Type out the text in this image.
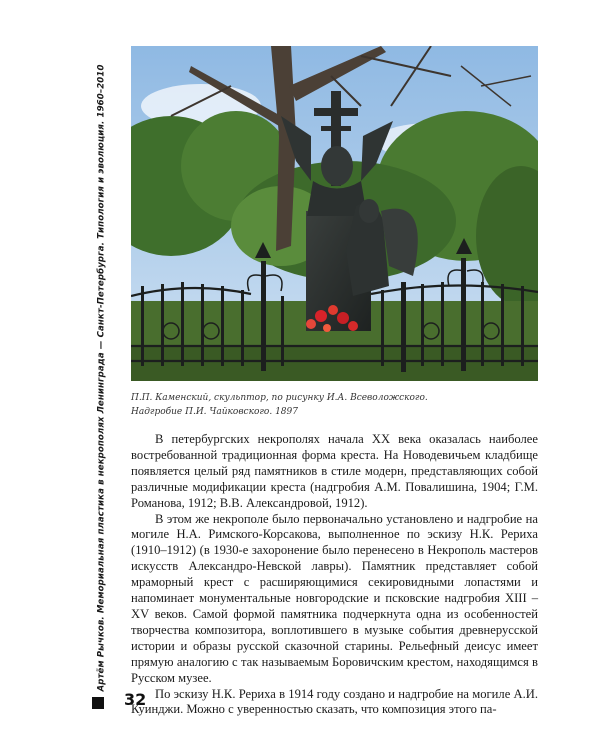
Артём Рычков. Мемориальная пластика в некрополях Ленинграда — Санкт-Петербурга. Типология и эволюция. 1960–2010	П.П. Каменский, скульптор, по рисунку И.А. Всеволожского.

Надгробие П.И. Чайковского. 1897

В петербургских некрополях начала XX века оказалась наиболее востребованной традиционная форма креста. На Новодевичьем кладбище появляется целый ряд памятников в стиле модерн, представляющих собой различные модификации креста (надгробия А.М. Повалишина, 1904; Г.М. Романова, 1912; В.В. Александровой, 1912).

В этом же некрополе было первоначально установлено и надгробие на могиле Н.А. Римского-Корсакова, выполненное по эскизу Н.К. Рериха (1910–1912) (в 1930-е захоронение было перенесено в Некрополь мастеров искусств Александро-Невской лавры). Памятник представляет собой мраморный крест с расширяющимися секировидными лопастями и напоминает монументальные новгородские и псковские надгробия XIII – XV веков. Самой формой памятника подчеркнута одна из особенностей творчества композитора, воплотившего в музыке события древнерусской истории и образы русской сказочной старины. Рельефный деисус имеет прямую аналогию с так называемым Боровичским крестом, находящимся в Русском музее.

По эскизу Н.К. Рериха в 1914 году создано и надгробие на могиле А.И. Куинджи. Можно с уверенностью сказать, что композиция этого па-

32
